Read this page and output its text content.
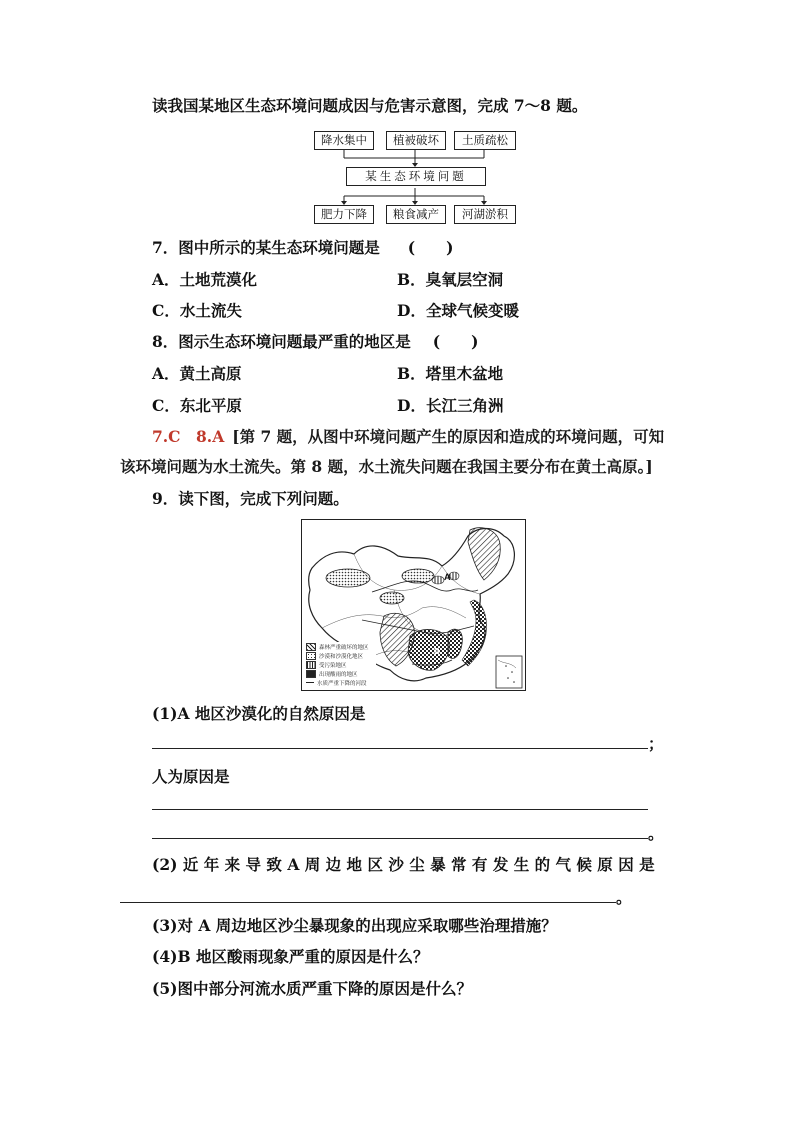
读我国某地区生态环境问题成因与危害示意图，完成 7～8 题。
降水集中	植被破坏	土质疏松
某生态环境问题
肥力下降	粮食减产	河湖淤积
7．图中所示的某生态环境问题是 (　　)
A．土地荒漠化	B．臭氧层空洞
C．水土流失	D．全球气候变暖
8．图示生态环境问题最严重的地区是 (　　)
A．黄土高原	B．塔里木盆地
C．东北平原	D．长江三角洲
7.C　8.A [第 7 题，从图中环境问题产生的原因和造成的环境问题，可知
该环境问题为水土流失。第 8 题，水土流失问题在我国主要分布在黄土高原。]
9．读下图，完成下列问题。
A
B
森林严重破坏的地区
沙漠和沙漠化地区
受污染地区
出现酸雨的地区
水质严重下降的河段
(1)A 地区沙漠化的自然原因是
；
人为原因是
。
(2) 近 年 来 导 致 A 周 边 地 区 沙 尘 暴 常 有 发 生 的 气 候 原 因 是
。
(3)对 A 周边地区沙尘暴现象的出现应采取哪些治理措施？
(4)B 地区酸雨现象严重的原因是什么？
(5)图中部分河流水质严重下降的原因是什么？
